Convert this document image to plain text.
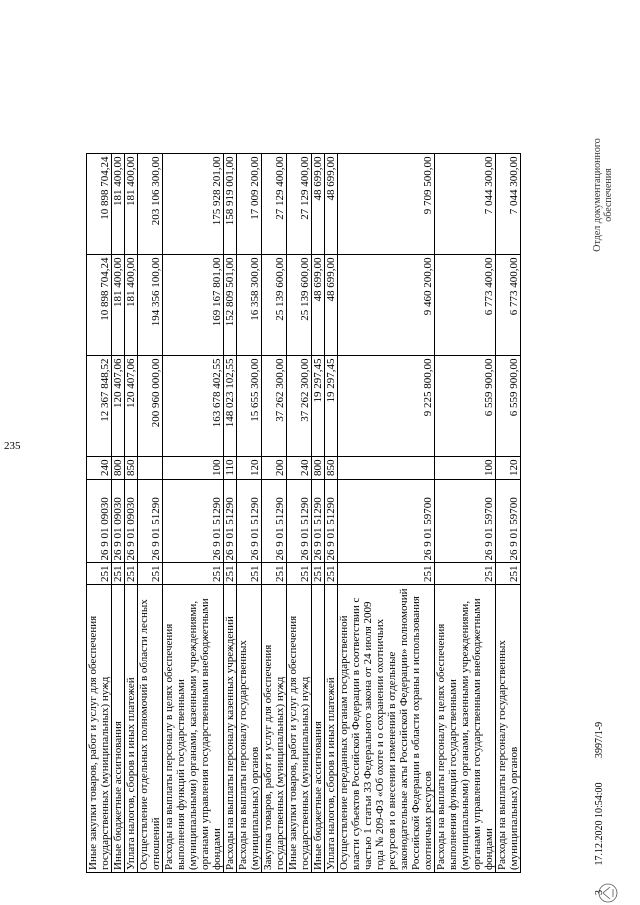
235
Иные закупки товаров, работ и услуг для обеспечения государственных (муниципальных) нужд	251	26 9 01 09030	240	12 367 848,52	10 898 704,24	10 898 704,24
Иные бюджетные ассигнования	251	26 9 01 09030	800	120 407,06	181 400,00	181 400,00
Уплата налогов, сборов и иных платежей	251	26 9 01 09030	850	120 407,06	181 400,00	181 400,00
Осуществление отдельных полномочий в области лесных отношений	251	26 9 01 51290		200 960 000,00	194 356 100,00	203 106 300,00
Расходы на выплаты персоналу в целях обеспечения выполнения функций государственными (муниципальными) органами, казенными учреждениями, органами управления государственными внебюджетными фондами	251	26 9 01 51290	100	163 678 402,55	169 167 801,00	175 928 201,00
Расходы на выплаты персоналу казенных учреждений	251	26 9 01 51290	110	148 023 102,55	152 809 501,00	158 919 001,00
Расходы на выплаты персоналу государственных (муниципальных) органов	251	26 9 01 51290	120	15 655 300,00	16 358 300,00	17 009 200,00
Закупка товаров, работ и услуг для обеспечения государственных (муниципальных) нужд	251	26 9 01 51290	200	37 262 300,00	25 139 600,00	27 129 400,00
Иные закупки товаров, работ и услуг для обеспечения государственных (муниципальных) нужд	251	26 9 01 51290	240	37 262 300,00	25 139 600,00	27 129 400,00
Иные бюджетные ассигнования	251	26 9 01 51290	800	19 297,45	48 699,00	48 699,00
Уплата налогов, сборов и иных платежей	251	26 9 01 51290	850	19 297,45	48 699,00	48 699,00
Осуществление переданных органам государственной власти субъектов Российской Федерации в соответствии с частью 1 статьи 33 Федерального закона от 24 июля 2009 года № 209-ФЗ «Об охоте и о сохранении охотничьих ресурсов и о внесении изменений в отдельные законодательные акты Российской Федерации» полномочий Российской Федерации в области охраны и использования охотничьих ресурсов	251	26 9 01 59700		9 225 800,00	9 460 200,00	9 709 500,00
Расходы на выплаты персоналу в целях обеспечения выполнения функций государственными (муниципальными) органами, казенными учреждениями, органами управления государственными внебюджетными фондами	251	26 9 01 59700	100	6 559 900,00	6 773 400,00	7 044 300,00
Расходы на выплаты персоналу государственных (муниципальных) органов	251	26 9 01 59700	120	6 559 900,00	6 773 400,00	7 044 300,00
3 17.12.2020 10:54:00 3997/1-9
Отдел документационного обеспечения
